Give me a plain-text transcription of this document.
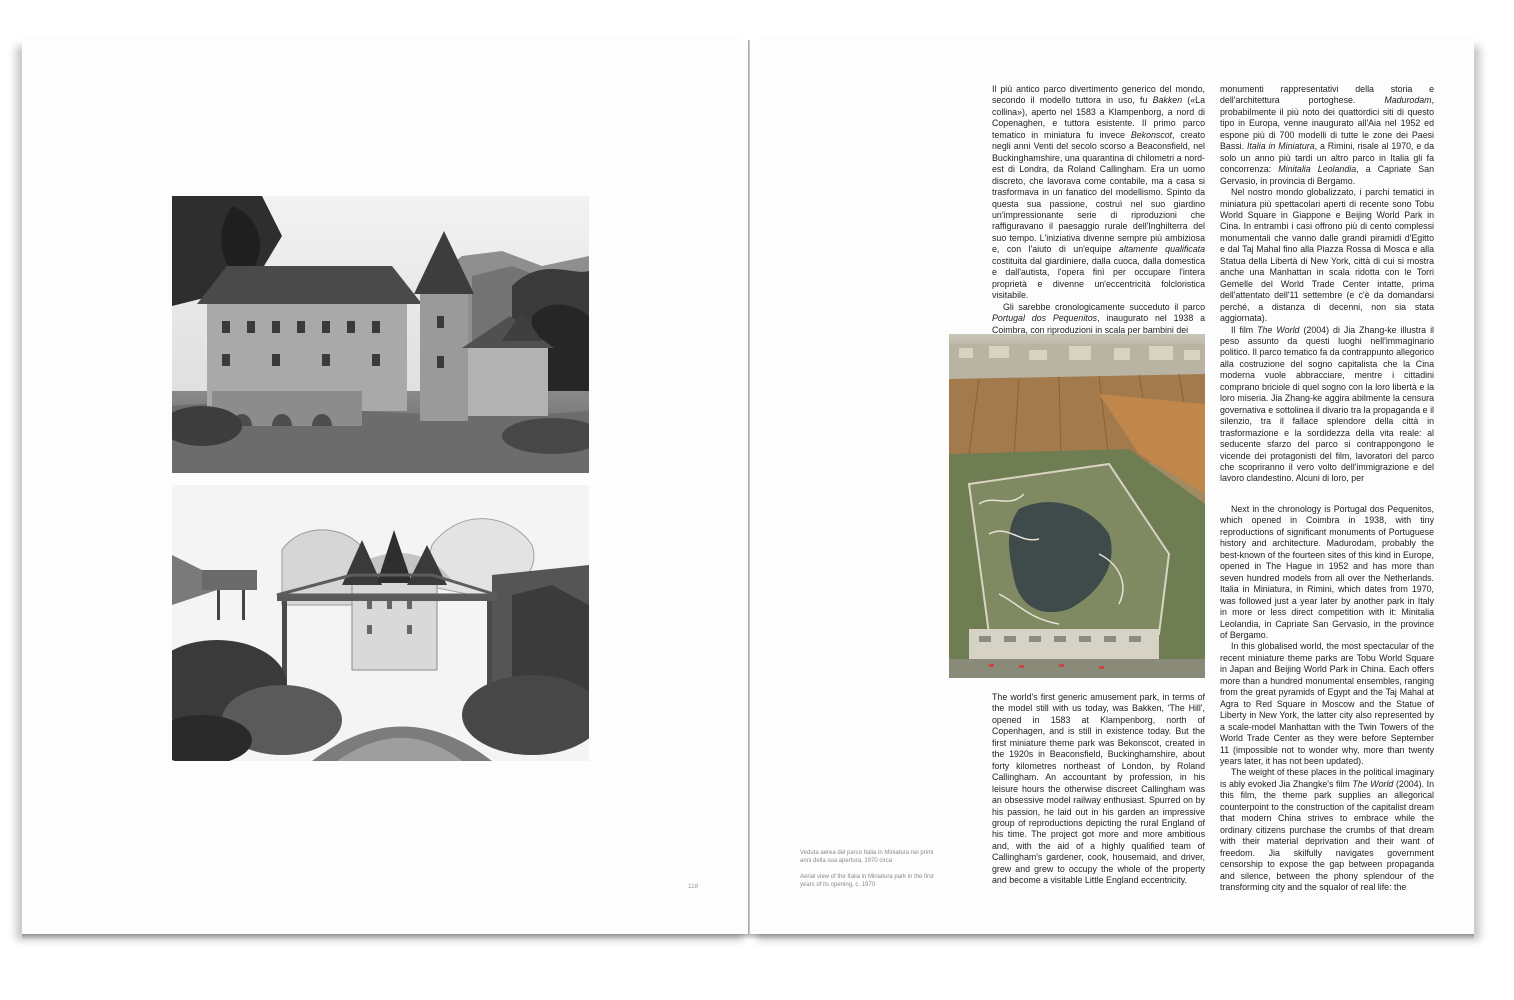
118
Veduta aerea del parco Italia in Miniatura nei primi anni della sua apertura, 1970 circa
Aerial view of the Italia in Miniatura park in the first years of its opening, c. 1970

Il più antico parco divertimento generico del mondo, secondo il modello tuttora in uso, fu Bakken («La collina»), aperto nel 1583 a Klampenborg, a nord di Copenaghen, e tuttora esistente. Il primo parco tematico in miniatura fu invece Bekonscot, creato negli anni Venti del secolo scorso a Beaconsfield, nel Buckinghamshire, una quarantina di chilometri a nord-est di Londra, da Roland Callingham. Era un uomo discreto, che lavorava come contabile, ma a casa si trasformava in un fanatico del modellismo. Spinto da questa sua passione, costruì nel suo giardino un'impressionante serie di riproduzioni che raffiguravano il paesaggio rurale dell'Inghilterra del suo tempo. L'iniziativa divenne sempre più ambiziosa e, con l'aiuto di un'equipe altamente qualificata costituita dal giardiniere, dalla cuoca, dalla domestica e dall'autista, l'opera finì per occupare l'intera proprietà e divenne un'eccentricità folcloristica visitabile.

Gli sarebbe cronologicamente succeduto il parco Portugal dos Pequenitos, inaugurato nel 1938 a Coimbra, con riproduzioni in scala per bambini dei

monumenti rappresentativi della storia e dell'architettura portoghese. Madurodam, probabilmente il più noto dei quattordici siti di questo tipo in Europa, venne inaugurato all'Aia nel 1952 ed espone più di 700 modelli di tutte le zone dei Paesi Bassi. Italia in Miniatura, a Rimini, risale al 1970, e da solo un anno più tardi un altro parco in Italia gli fa concorrenza: Minitalia Leolandia, a Capriate San Gervasio, in provincia di Bergamo.

Nel nostro mondo globalizzato, i parchi tematici in miniatura più spettacolari aperti di recente sono Tobu World Square in Giappone e Beijing World Park in Cina. In entrambi i casi offrono più di cento complessi monumentali che vanno dalle grandi piramidi d'Egitto e dal Taj Mahal fino alla Piazza Rossa di Mosca e alla Statua della Libertà di New York, città di cui si mostra anche una Manhattan in scala ridotta con le Torri Gemelle del World Trade Center intatte, prima dell'attentato dell'11 settembre (e c'è da domandarsi perché, a distanza di decenni, non sia stata aggiornata).

Il film The World (2004) di Jia Zhang-ke illustra il peso assunto da questi luoghi nell'immaginario politico. Il parco tematico fa da contrappunto allegorico alla costruzione del sogno capitalista che la Cina moderna vuole abbracciare, mentre i cittadini comprano briciole di quel sogno con la loro libertà e la loro miseria. Jia Zhang-ke aggira abilmente la censura governativa e sottolinea il divario tra la propaganda e il silenzio, tra il fallace splendore della città in trasformazione e la sordidezza della vita reale: al seducente sfarzo del parco si contrappongono le vicende dei protagonisti del film, lavoratori del parco che scopriranno il vero volto dell'immigrazione e del lavoro clandestino. Alcuni di loro, per

The world's first generic amusement park, in terms of the model still with us today, was Bakken, 'The Hill', opened in 1583 at Klampenborg, north of Copenhagen, and is still in existence today. But the first miniature theme park was Bekonscot, created in the 1920s in Beaconsfield, Buckinghamshire, about forty kilometres northeast of London, by Roland Callingham. An accountant by profession, in his leisure hours the otherwise discreet Callingham was an obsessive model railway enthusiast. Spurred on by his passion, he laid out in his garden an impressive group of reproductions depicting the rural England of his time. The project got more and more ambitious and, with the aid of a highly qualified team of Callingham's gardener, cook, housemaid, and driver, grew and grew to occupy the whole of the property and become a visitable Little England eccentricity.

Next in the chronology is Portugal dos Pequenitos, which opened in Coimbra in 1938, with tiny reproductions of significant monuments of Portuguese history and architecture. Madurodam, probably the best-known of the fourteen sites of this kind in Europe, opened in The Hague in 1952 and has more than seven hundred models from all over the Netherlands. Italia in Miniatura, in Rimini, which dates from 1970, was followed just a year later by another park in Italy in more or less direct competition with it: Minitalia Leolandia, in Capriate San Gervasio, in the province of Bergamo.

In this globalised world, the most spectacular of the recent miniature theme parks are Tobu World Square in Japan and Beijing World Park in China. Each offers more than a hundred monumental ensembles, ranging from the great pyramids of Egypt and the Taj Mahal at Agra to Red Square in Moscow and the Statue of Liberty in New York, the latter city also represented by a scale-model Manhattan with the Twin Towers of the World Trade Center as they were before September 11 (impossible not to wonder why, more than twenty years later, it has not been updated).

The weight of these places in the political imaginary is ably evoked Jia Zhangke's film The World (2004). In this film, the theme park supplies an allegorical counterpoint to the construction of the capitalist dream that modern China strives to embrace while the ordinary citizens purchase the crumbs of that dream with their material deprivation and their want of freedom. Jia skilfully navigates government censorship to expose the gap between propaganda and silence, between the phony splendour of the transforming city and the squalor of real life: the
